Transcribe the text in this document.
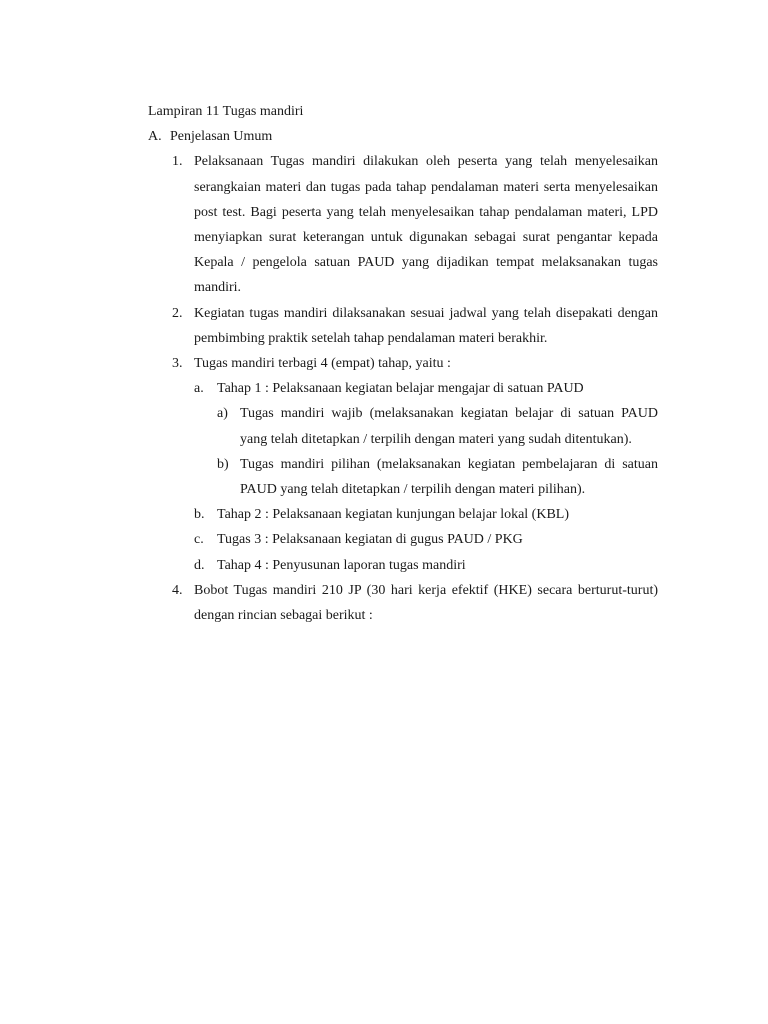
Lampiran 11 Tugas mandiri
A. Penjelasan Umum
1. Pelaksanaan Tugas mandiri dilakukan oleh peserta yang telah menyelesaikan serangkaian materi dan tugas pada tahap pendalaman materi serta menyelesaikan post test. Bagi peserta yang telah menyelesaikan tahap pendalaman materi, LPD menyiapkan surat keterangan untuk digunakan sebagai surat pengantar kepada Kepala / pengelola satuan PAUD yang dijadikan tempat melaksanakan tugas mandiri.
2. Kegiatan tugas mandiri dilaksanakan sesuai jadwal yang telah disepakati dengan pembimbing praktik setelah tahap pendalaman materi berakhir.
3. Tugas mandiri terbagi 4 (empat) tahap, yaitu :
a. Tahap 1 : Pelaksanaan kegiatan belajar mengajar di satuan PAUD
a) Tugas mandiri wajib (melaksanakan kegiatan belajar di satuan PAUD yang telah ditetapkan / terpilih dengan materi yang sudah ditentukan).
b) Tugas mandiri pilihan (melaksanakan kegiatan pembelajaran di satuan PAUD yang telah ditetapkan / terpilih dengan materi pilihan).
b. Tahap 2 : Pelaksanaan kegiatan kunjungan belajar lokal (KBL)
c. Tugas 3 : Pelaksanaan kegiatan di gugus PAUD / PKG
d. Tahap 4 : Penyusunan laporan tugas mandiri
4. Bobot Tugas mandiri 210 JP (30 hari kerja efektif (HKE) secara berturut-turut) dengan rincian sebagai berikut :
